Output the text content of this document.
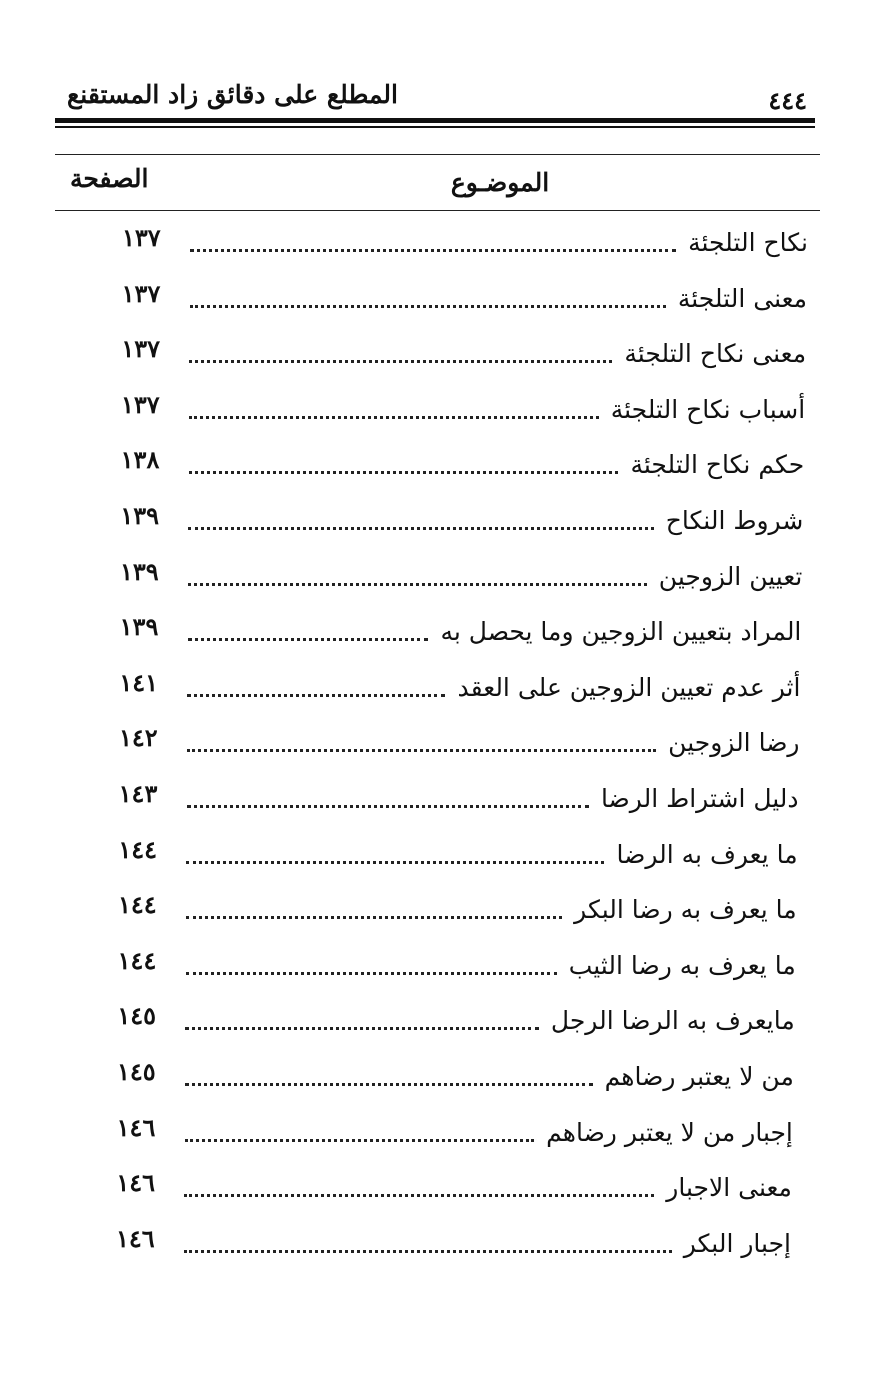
المطلع على دقائق زاد المستقنع	٤٤٤
الصفحة	الموضـوع
نكاح التلجئة
١٣٧
معنى التلجئة
١٣٧
معنى نكاح التلجئة
١٣٧
أسباب نكاح التلجئة
١٣٧
حكم نكاح التلجئة
١٣٨
شروط النكاح
١٣٩
تعيين الزوجين
١٣٩
المراد بتعيين الزوجين وما يحصل به
١٣٩
أثر عدم تعيين الزوجين على العقد
١٤١
رضا الزوجين
١٤٢
دليل اشتراط الرضا
١٤٣
ما يعرف به الرضا
١٤٤
ما يعرف به رضا البكر
١٤٤
ما يعرف به رضا الثيب
١٤٤
مايعرف به الرضا الرجل
١٤٥
من لا يعتبر رضاهم
١٤٥
إجبار من لا يعتبر رضاهم
١٤٦
معنى الاجبار
١٤٦
إجبار البكر
١٤٦
